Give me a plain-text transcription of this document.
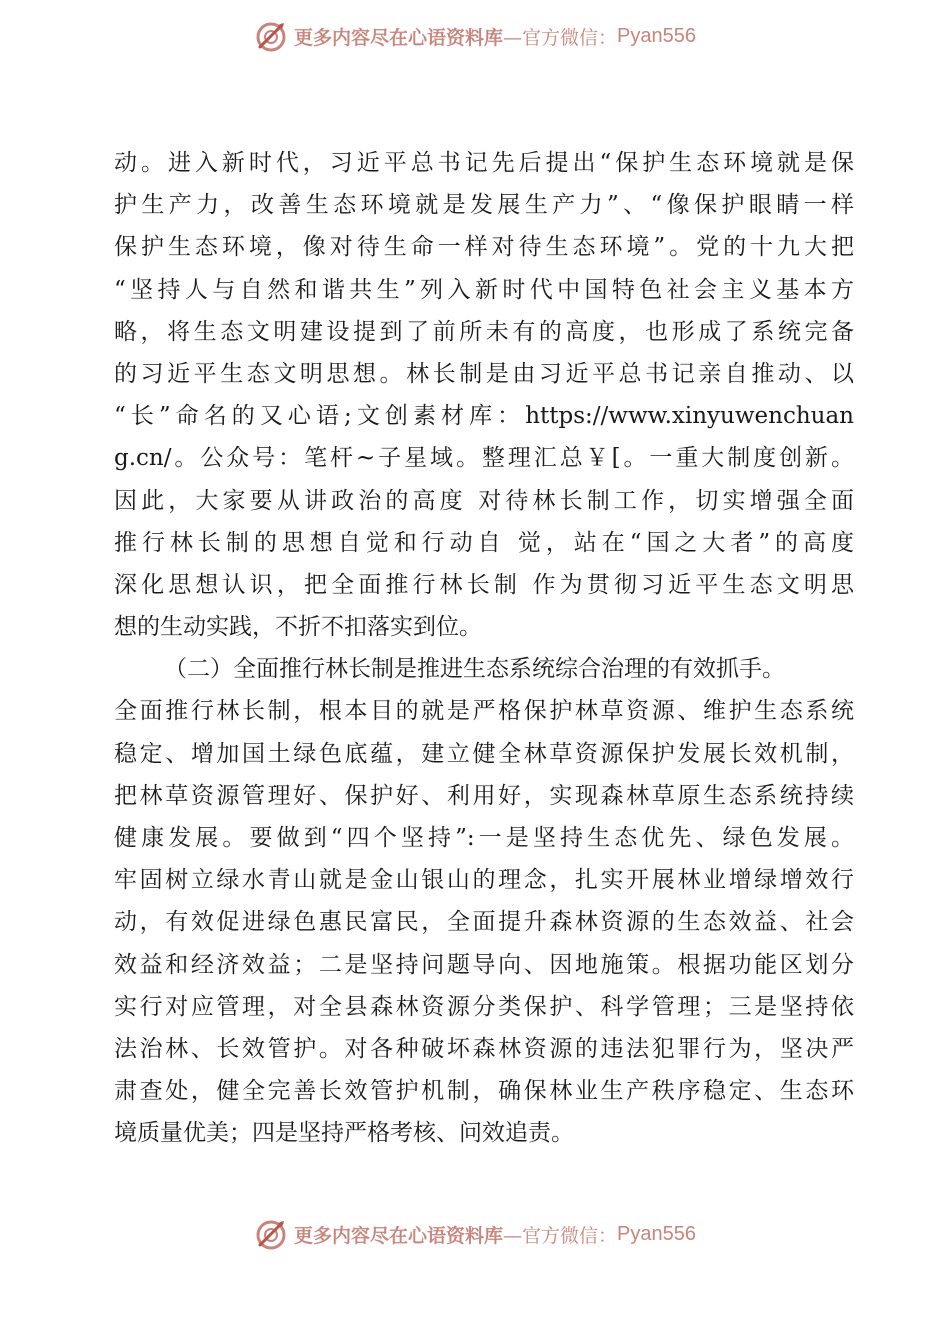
更多内容尽在心语资料库 —官方微信： Pyan556
动。进入新时代，习近平总书记先后提出“保护生态环境就是保
护生产力，改善生态环境就是发展生产力”、“像保护眼睛一样
保护生态环境，像对待生命一样对待生态环境”。党的十九大把
“坚持人与自然和谐共生”列入新时代中国特色社会主义基本方
略，将生态文明建设提到了前所未有的高度，也形成了系统完备
的习近平生态文明思想。林长制是由习近平总书记亲自推动、以
“长”命名的又心语;文创素材库：https://www.xinyuwenchuan
g.cn/。公众号：笔杆~子星域。整理汇总￥[。一重大制度创新。
因此，大家要从讲政治的高度 对待林长制工作，切实增强全面
推行林长制的思想自觉和行动自 觉，站在“国之大者”的高度
深化思想认识，把全面推行林长制 作为贯彻习近平生态文明思
想的生动实践，不折不扣落实到位。
（二）全面推行林长制是推进生态系统综合治理的有效抓手。
全面推行林长制，根本目的就是严格保护林草资源、维护生态系统
稳定、增加国土绿色底蕴，建立健全林草资源保护发展长效机制，
把林草资源管理好、保护好、利用好，实现森林草原生态系统持续
健康发展。要做到“四个坚持”:一是坚持生态优先、绿色发展。
牢固树立绿水青山就是金山银山的理念，扎实开展林业增绿增效行
动，有效促进绿色惠民富民，全面提升森林资源的生态效益、社会
效益和经济效益；二是坚持问题导向、因地施策。根据功能区划分
实行对应管理，对全县森林资源分类保护、科学管理；三是坚持依
法治林、长效管护。对各种破坏森林资源的违法犯罪行为，坚决严
肃查处，健全完善长效管护机制，确保林业生产秩序稳定、生态环
境质量优美；四是坚持严格考核、问效追责。
更多内容尽在心语资料库 —官方微信： Pyan556
